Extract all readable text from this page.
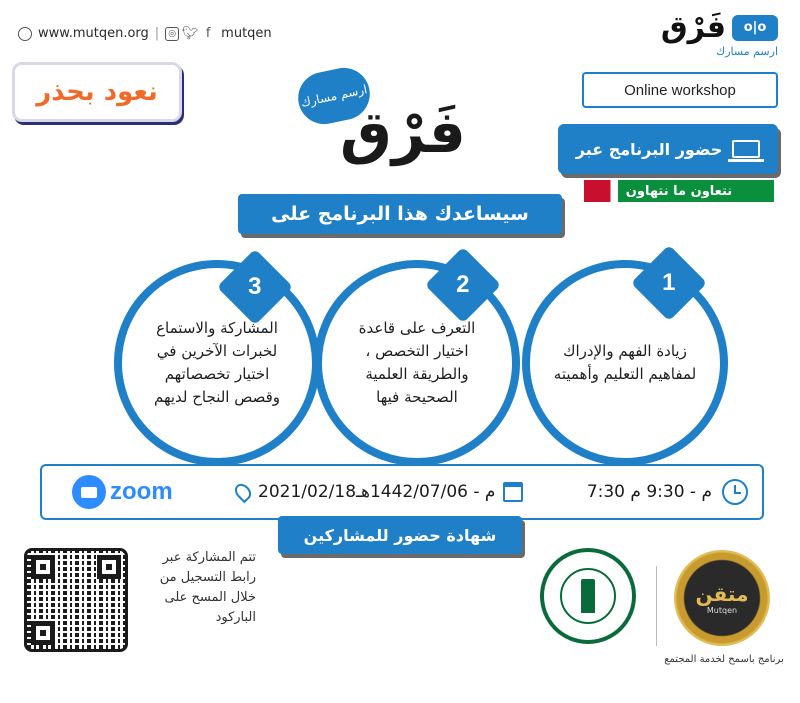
www.mutqen.org |	◎ 🐦︎ f mutqen	فَرْق	o|o
ارسم مسارك
نعود بحذر	ارسم مسارك
فَرْق
Online workshop
حضور البرنامج عبر
نتعاون ما نتهاون
سيساعدك هذا البرنامج على
المشاركة والاستماع لخبرات الآخرين في اختيار تخصصاتهم وقصص النجاح لديهم
3
التعرف على قاعدة اختيار التخصص ، والطريقة العلمية الصحيحة فيها
2
زيادة الفهم والإدراك لمفاهيم التعليم وأهميته
1
zoom	2021/02/18م - 1442/07/06هـ	7:30 م - 9:30 م
شهادة حضور للمشاركين
تتم المشاركة عبر رابط التسجيل من خلال المسح على الباركود
متقن
Mutqen
برنامج باسمح لخدمة المجتمع
